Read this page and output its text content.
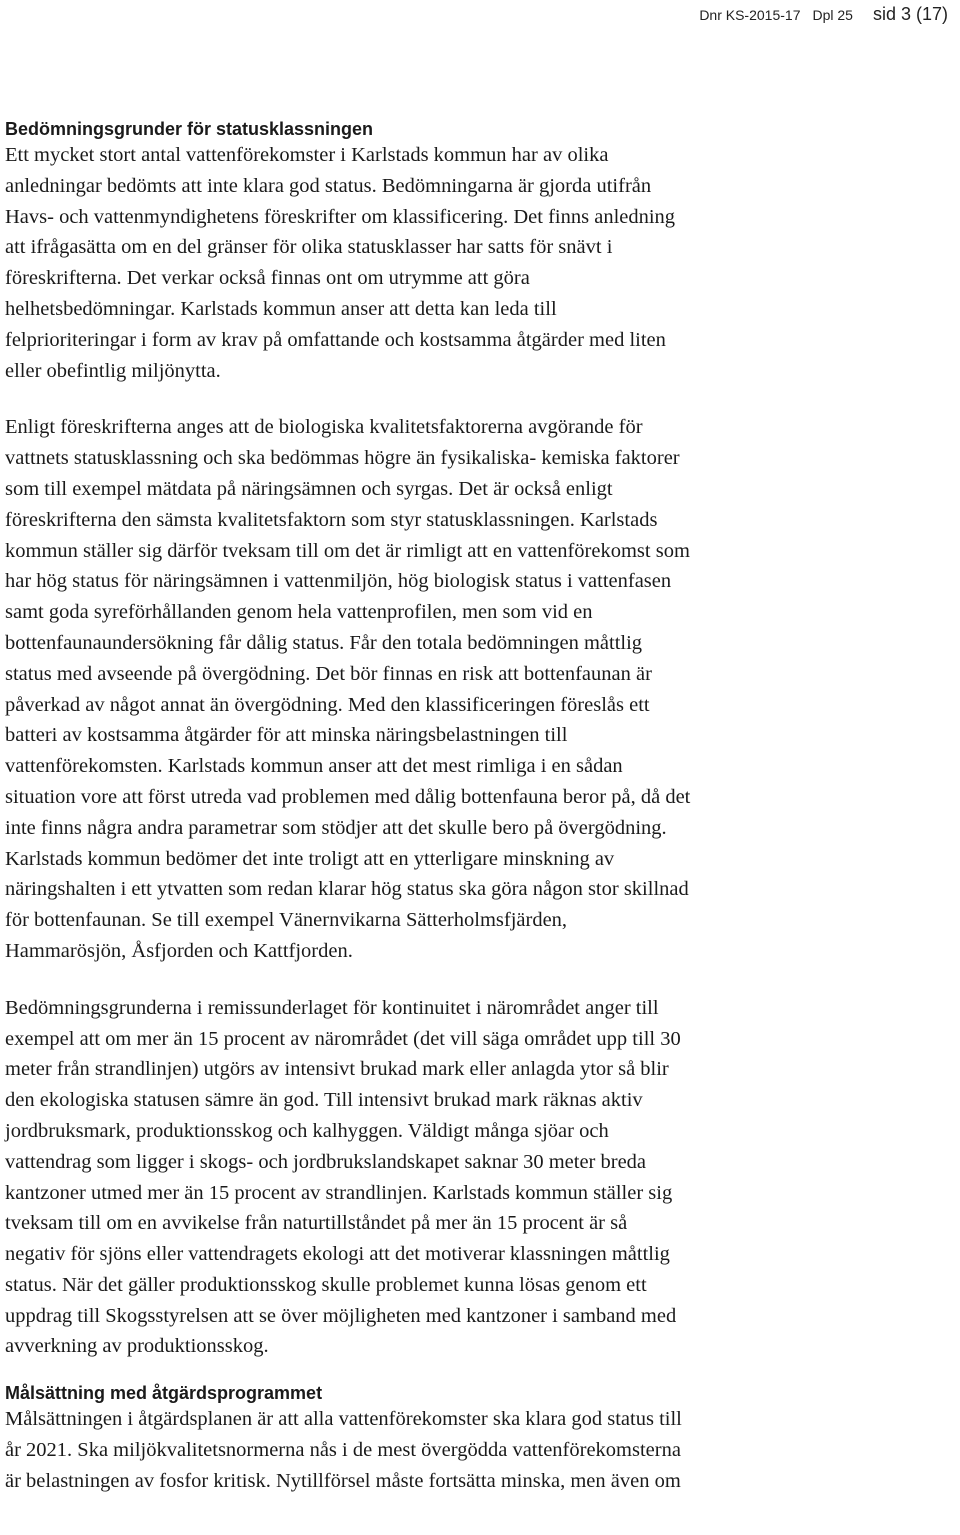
Dnr KS-2015-17 Dpl 25 sid 3 (17)
Bedömningsgrunder för statusklassningen

Ett mycket stort antal vattenförekomster i Karlstads kommun har av olika
anledningar bedömts att inte klara god status. Bedömningarna är gjorda utifrån
Havs- och vattenmyndighetens föreskrifter om klassificering. Det finns anledning
att ifrågasätta om en del gränser för olika statusklasser har satts för snävt i
föreskrifterna. Det verkar också finnas ont om utrymme att göra
helhetsbedömningar. Karlstads kommun anser att detta kan leda till
felprioriteringar i form av krav på omfattande och kostsamma åtgärder med liten
eller obefintlig miljönytta.

Enligt föreskrifterna anges att de biologiska kvalitetsfaktorerna avgörande för
vattnets statusklassning och ska bedömmas högre än fysikaliska- kemiska faktorer
som till exempel mätdata på näringsämnen och syrgas. Det är också enligt
föreskrifterna den sämsta kvalitetsfaktorn som styr statusklassningen. Karlstads
kommun ställer sig därför tveksam till om det är rimligt att en vattenförekomst som
har hög status för näringsämnen i vattenmiljön, hög biologisk status i vattenfasen
samt goda syreförhållanden genom hela vattenprofilen, men som vid en
bottenfaunaundersökning får dålig status. Får den totala bedömningen måttlig
status med avseende på övergödning. Det bör finnas en risk att bottenfaunan är
påverkad av något annat än övergödning. Med den klassificeringen föreslås ett
batteri av kostsamma åtgärder för att minska näringsbelastningen till
vattenförekomsten. Karlstads kommun anser att det mest rimliga i en sådan
situation vore att först utreda vad problemen med dålig bottenfauna beror på, då det
inte finns några andra parametrar som stödjer att det skulle bero på övergödning.
Karlstads kommun bedömer det inte troligt att en ytterligare minskning av
näringshalten i ett ytvatten som redan klarar hög status ska göra någon stor skillnad
för bottenfaunan. Se till exempel Vänernvikarna Sätterholmsfjärden,
Hammarösjön, Åsfjorden och Kattfjorden.

Bedömningsgrunderna i remissunderlaget för kontinuitet i närområdet anger till
exempel att om mer än 15 procent av närområdet (det vill säga området upp till 30
meter från strandlinjen) utgörs av intensivt brukad mark eller anlagda ytor så blir
den ekologiska statusen sämre än god. Till intensivt brukad mark räknas aktiv
jordbruksmark, produktionsskog och kalhyggen. Väldigt många sjöar och
vattendrag som ligger i skogs- och jordbrukslandskapet saknar 30 meter breda
kantzoner utmed mer än 15 procent av strandlinjen. Karlstads kommun ställer sig
tveksam till om en avvikelse från naturtillståndet på mer än 15 procent är så
negativ för sjöns eller vattendragets ekologi att det motiverar klassningen måttlig
status. När det gäller produktionsskog skulle problemet kunna lösas genom ett
uppdrag till Skogsstyrelsen att se över möjligheten med kantzoner i samband med
avverkning av produktionsskog.

Målsättning med åtgärdsprogrammet

Målsättningen i åtgärdsplanen är att alla vattenförekomster ska klara god status till
år 2021. Ska miljökvalitetsnormerna nås i de mest övergödda vattenförekomsterna
är belastningen av fosfor kritisk. Nytillförsel måste fortsätta minska, men även om
